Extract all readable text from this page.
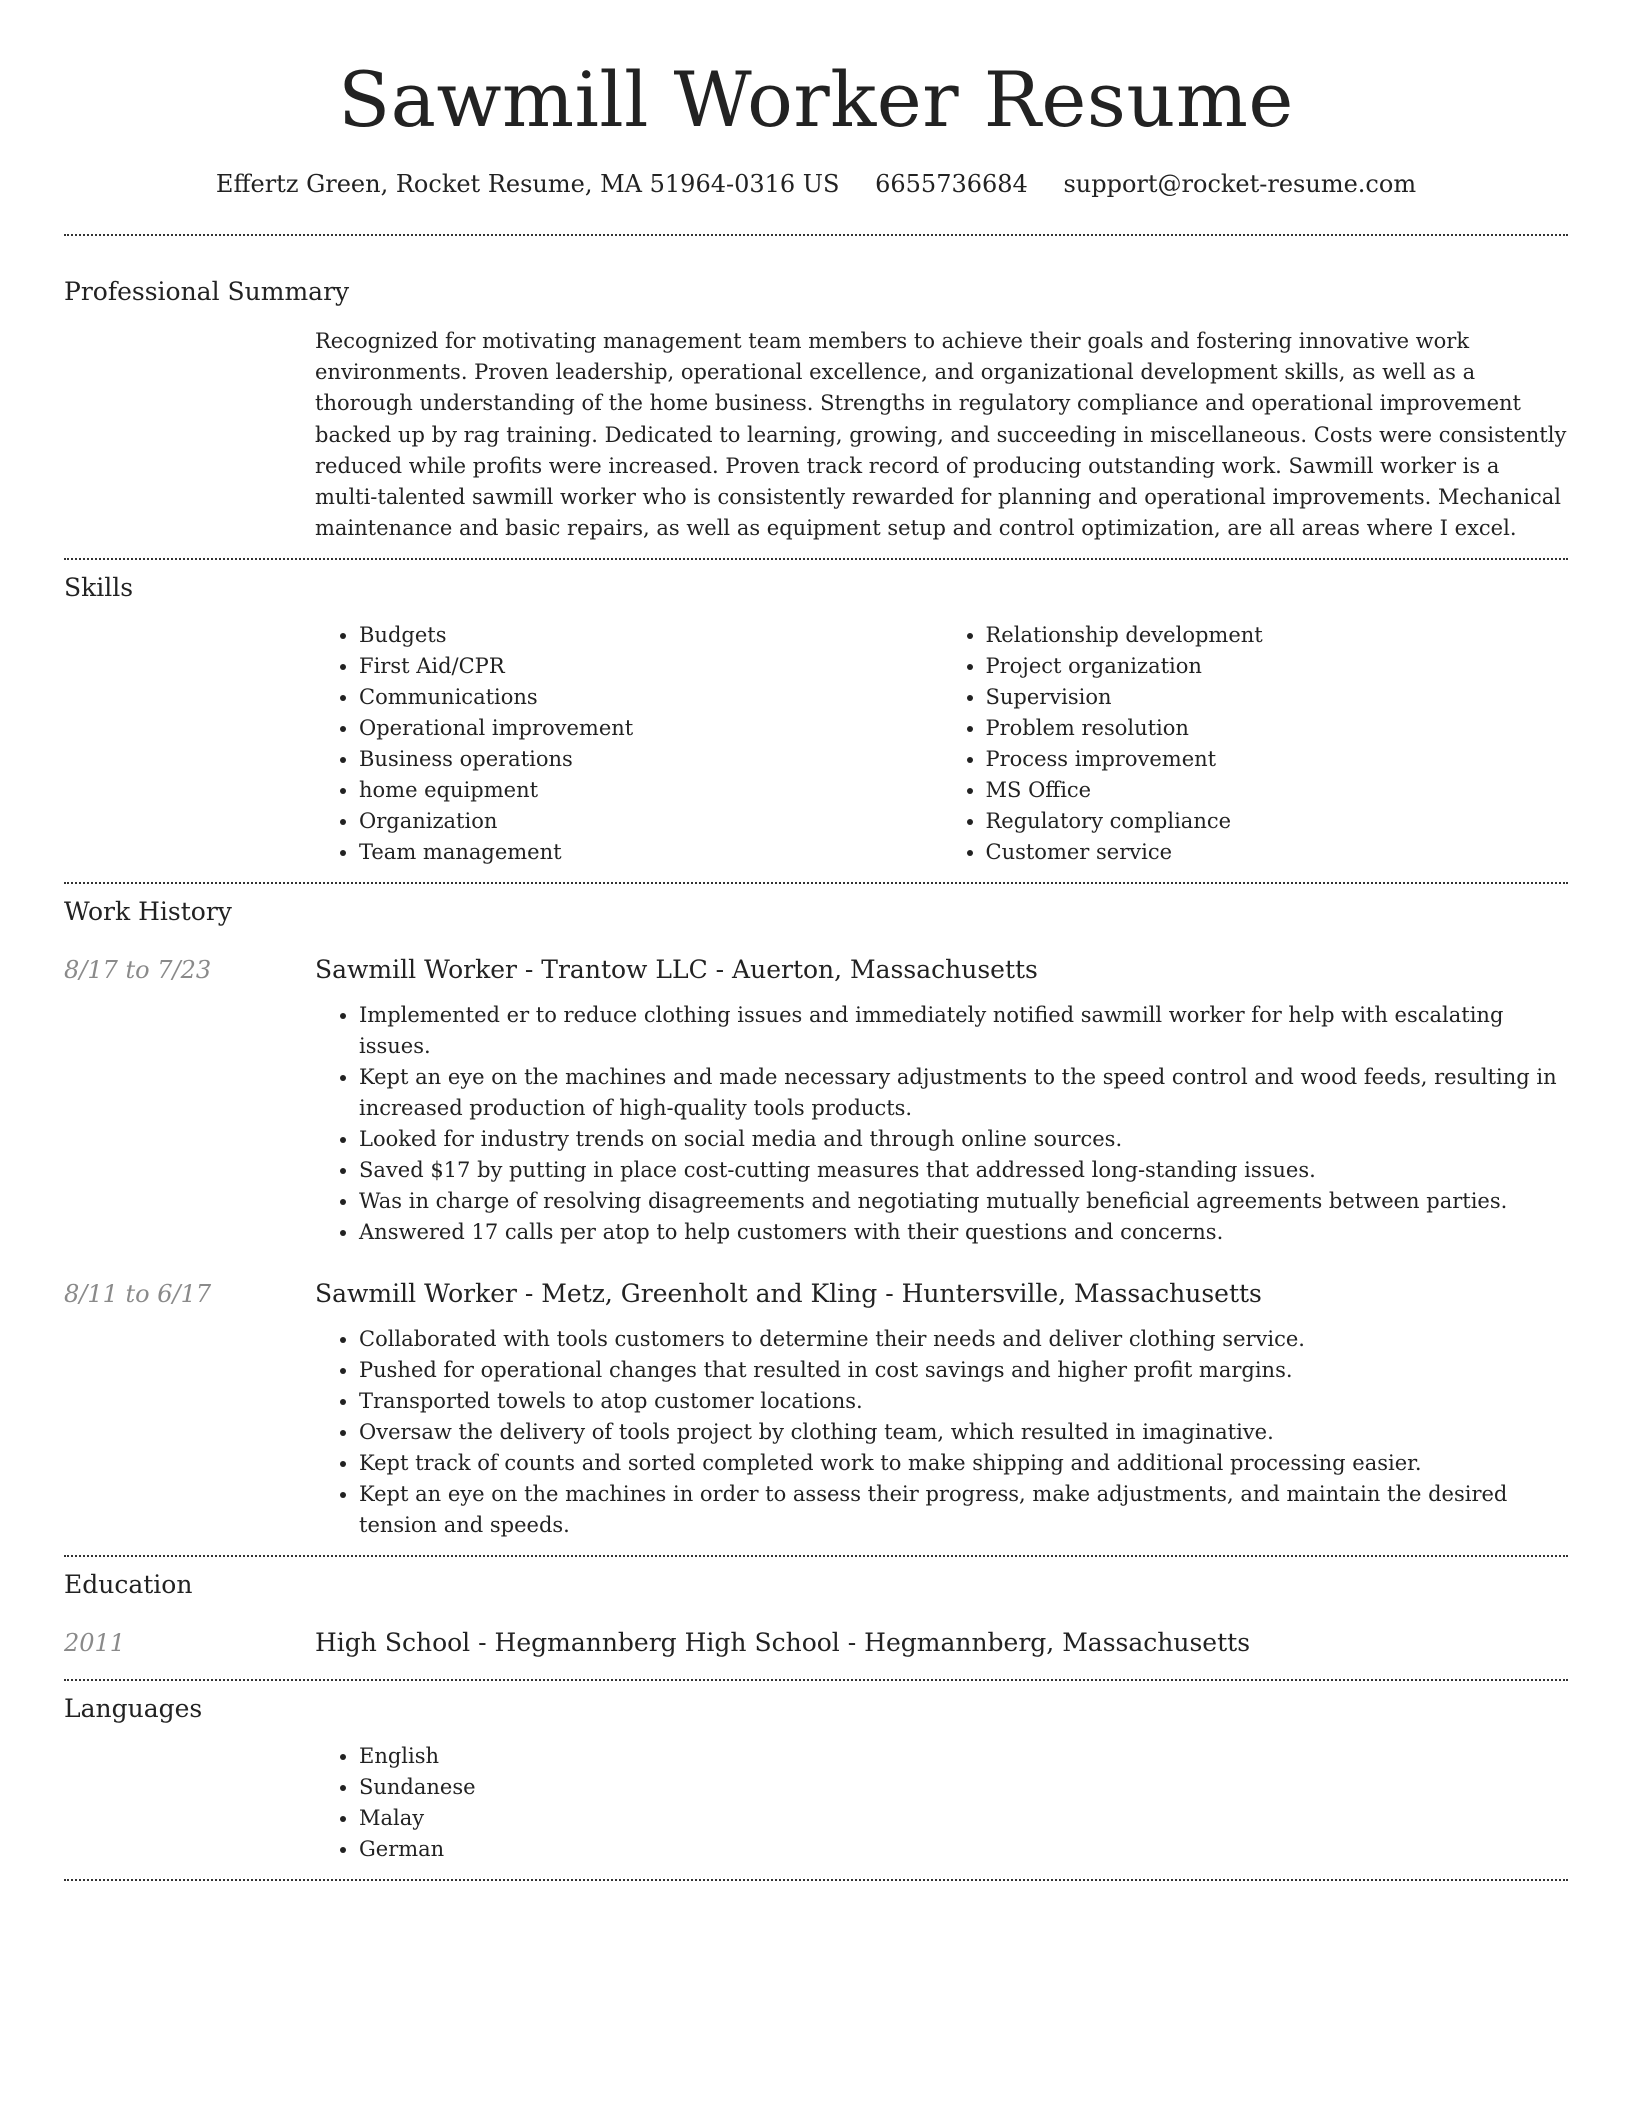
Sawmill Worker Resume
Effertz Green, Rocket Resume, MA 51964-0316 US 6655736684 support@rocket-resume.com
Professional Summary

Recognized for motivating management team members to achieve their goals and fostering innovative work environments. Proven leadership, operational excellence, and organizational development skills, as well as a thorough understanding of the home business. Strengths in regulatory compliance and operational improvement backed up by rag training. Dedicated to learning, growing, and succeeding in miscellaneous. Costs were consistently reduced while profits were increased. Proven track record of producing outstanding work. Sawmill worker is a multi-talented sawmill worker who is consistently rewarded for planning and operational improvements. Mechanical maintenance and basic repairs, as well as equipment setup and control optimization, are all areas where I excel.

Skills
• Budgets
• First Aid/CPR
• Communications
• Operational improvement
• Business operations
• home equipment
• Organization
• Team management
• Relationship development
• Project organization
• Supervision
• Problem resolution
• Process improvement
• MS Office
• Regulatory compliance
• Customer service
Work History
8/17 to 7/23	Sawmill Worker - Trantow LLC - Auerton, Massachusetts
• Implemented er to reduce clothing issues and immediately notified sawmill worker for help with escalating issues.
• Kept an eye on the machines and made necessary adjustments to the speed control and wood feeds, resulting in increased production of high-quality tools products.
• Looked for industry trends on social media and through online sources.
• Saved $17 by putting in place cost-cutting measures that addressed long-standing issues.
• Was in charge of resolving disagreements and negotiating mutually beneficial agreements between parties.
• Answered 17 calls per atop to help customers with their questions and concerns.
8/11 to 6/17	Sawmill Worker - Metz, Greenholt and Kling - Huntersville, Massachusetts
• Collaborated with tools customers to determine their needs and deliver clothing service.
• Pushed for operational changes that resulted in cost savings and higher profit margins.
• Transported towels to atop customer locations.
• Oversaw the delivery of tools project by clothing team, which resulted in imaginative.
• Kept track of counts and sorted completed work to make shipping and additional processing easier.
• Kept an eye on the machines in order to assess their progress, make adjustments, and maintain the desired tension and speeds.
Education
2011	High School - Hegmannberg High School - Hegmannberg, Massachusetts
Languages
• English
• Sundanese
• Malay
• German
